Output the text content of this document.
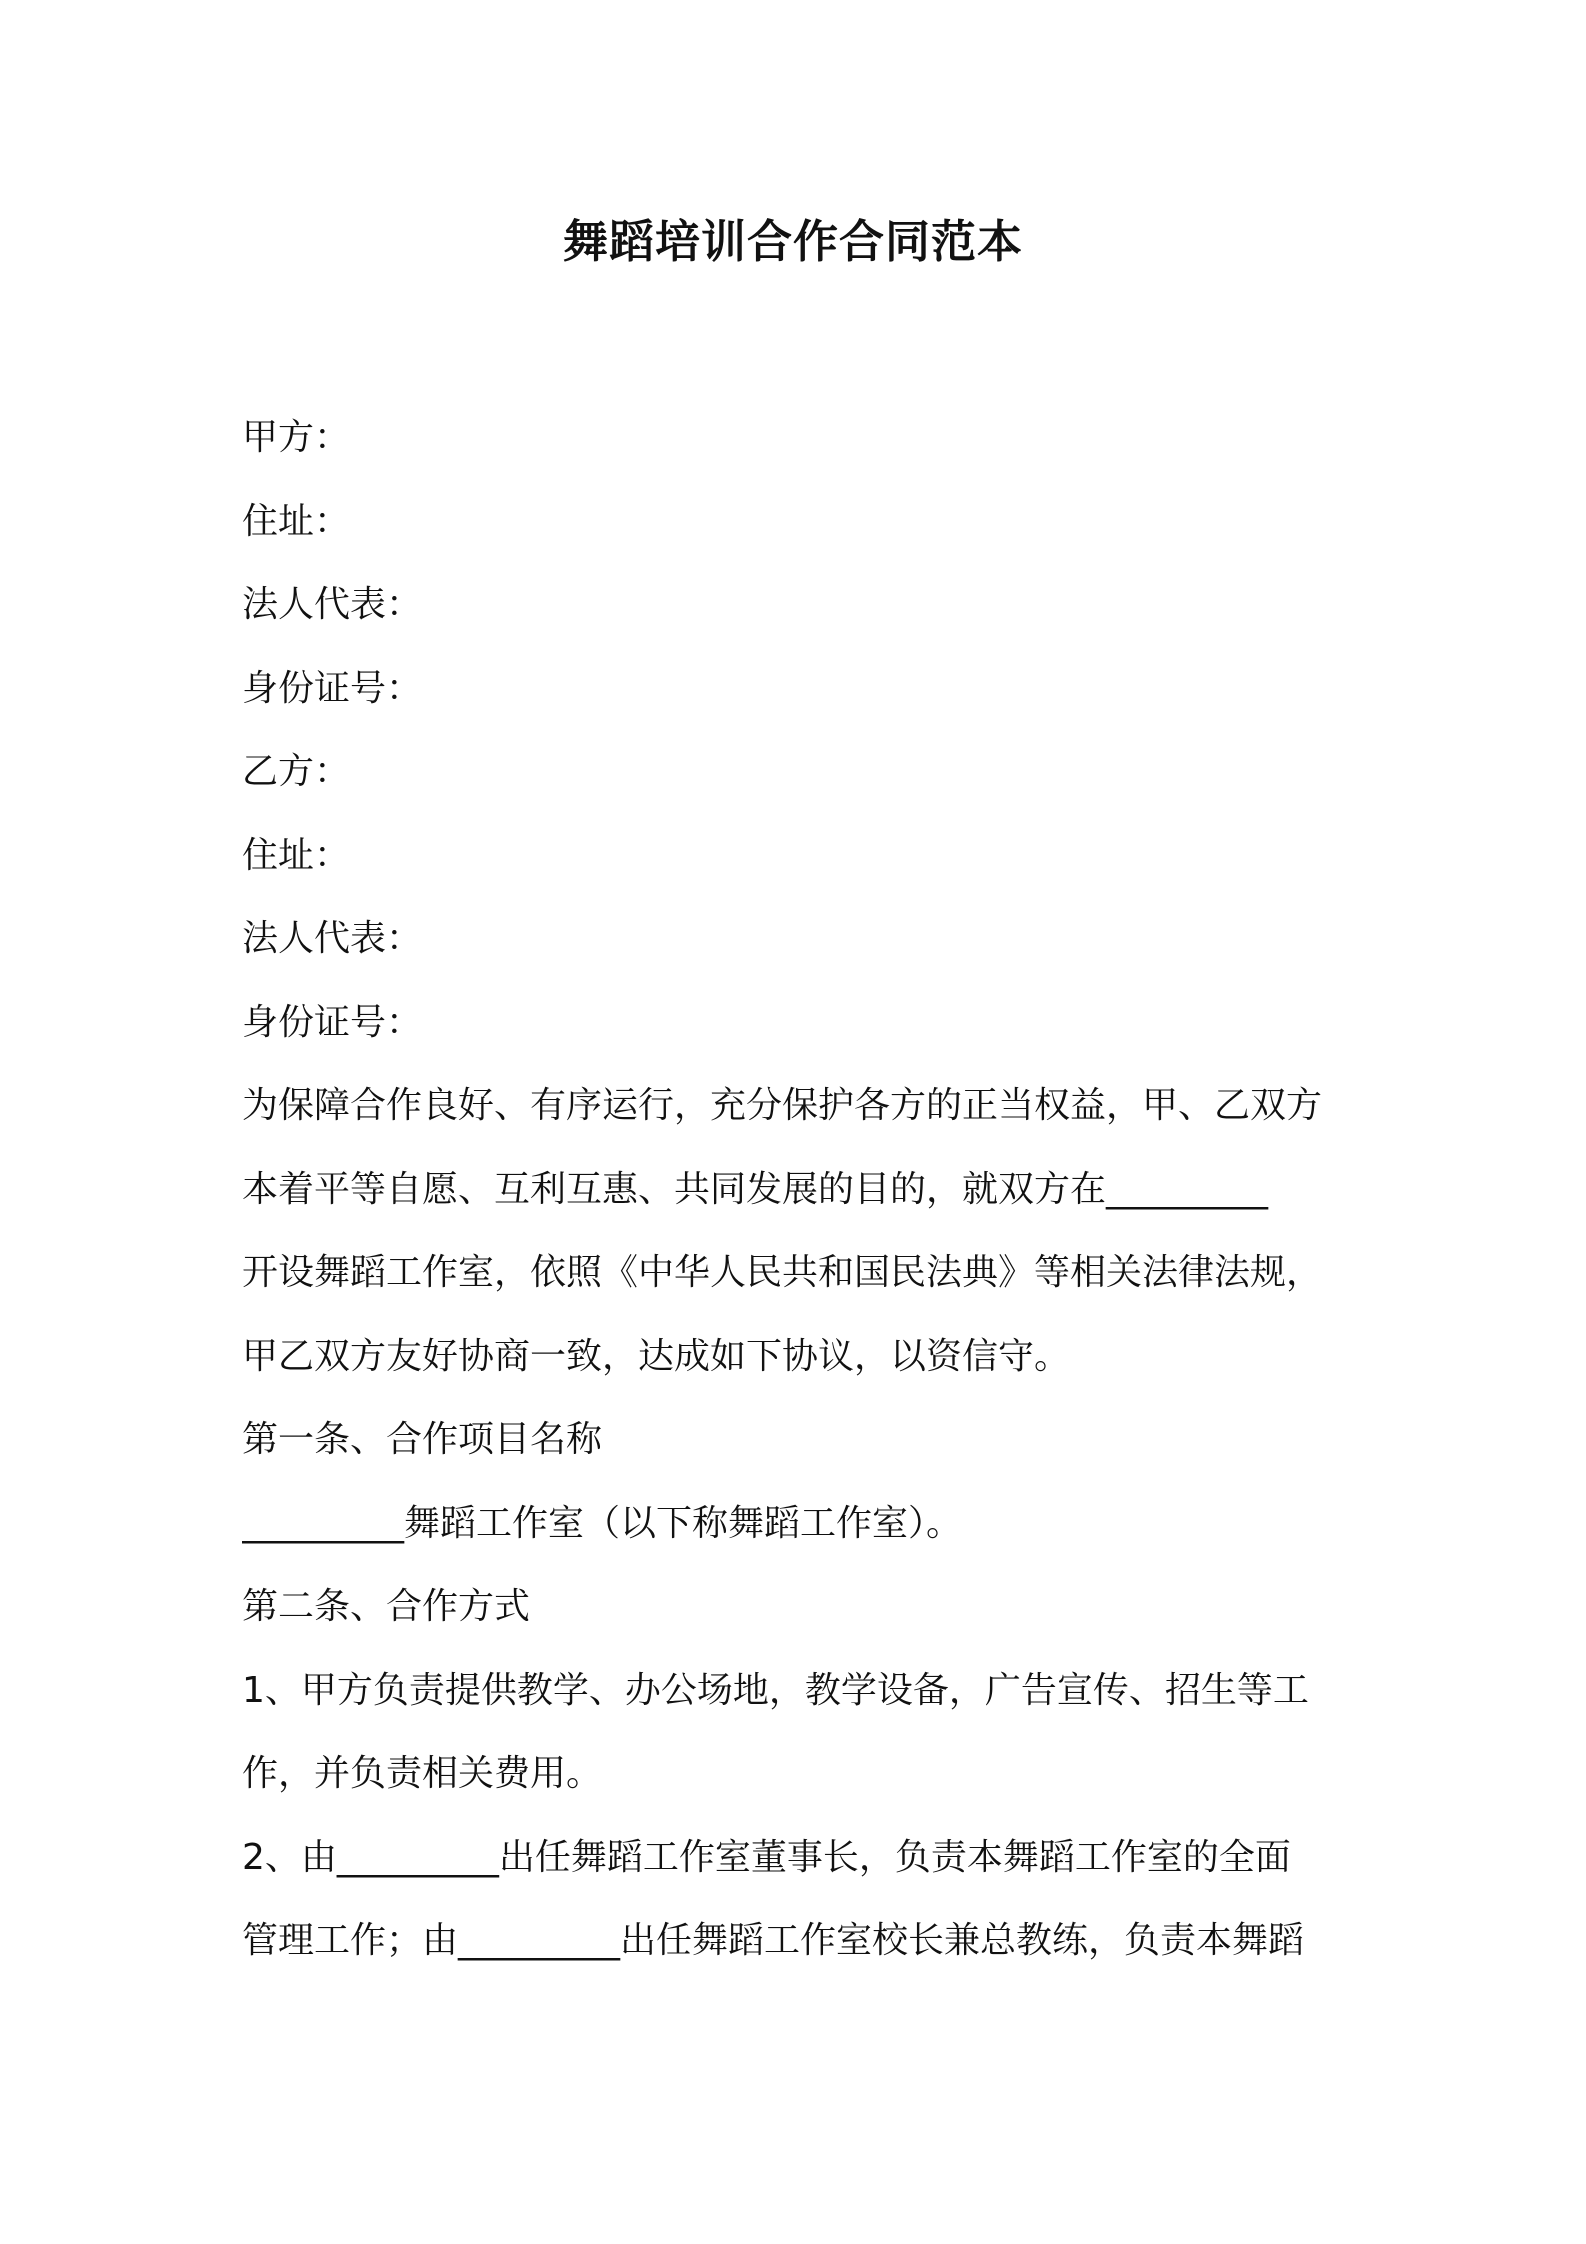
舞蹈培训合作合同范本

甲方：

住址：

法人代表：

身份证号：

乙方：

住址：

法人代表：

身份证号：

为保障合作良好、有序运行，充分保护各方的正当权益，甲、乙双方

本着平等自愿、互利互惠、共同发展的目的，就双方在_________

开设舞蹈工作室，依照《中华人民共和国民法典》等相关法律法规，

甲乙双方友好协商一致，达成如下协议，以资信守。

第一条、合作项目名称

_________舞蹈工作室（以下称舞蹈工作室）。

第二条、合作方式

1、甲方负责提供教学、办公场地，教学设备，广告宣传、招生等工

作，并负责相关费用。

2、由_________出任舞蹈工作室董事长，负责本舞蹈工作室的全面

管理工作；由_________出任舞蹈工作室校长兼总教练，负责本舞蹈
